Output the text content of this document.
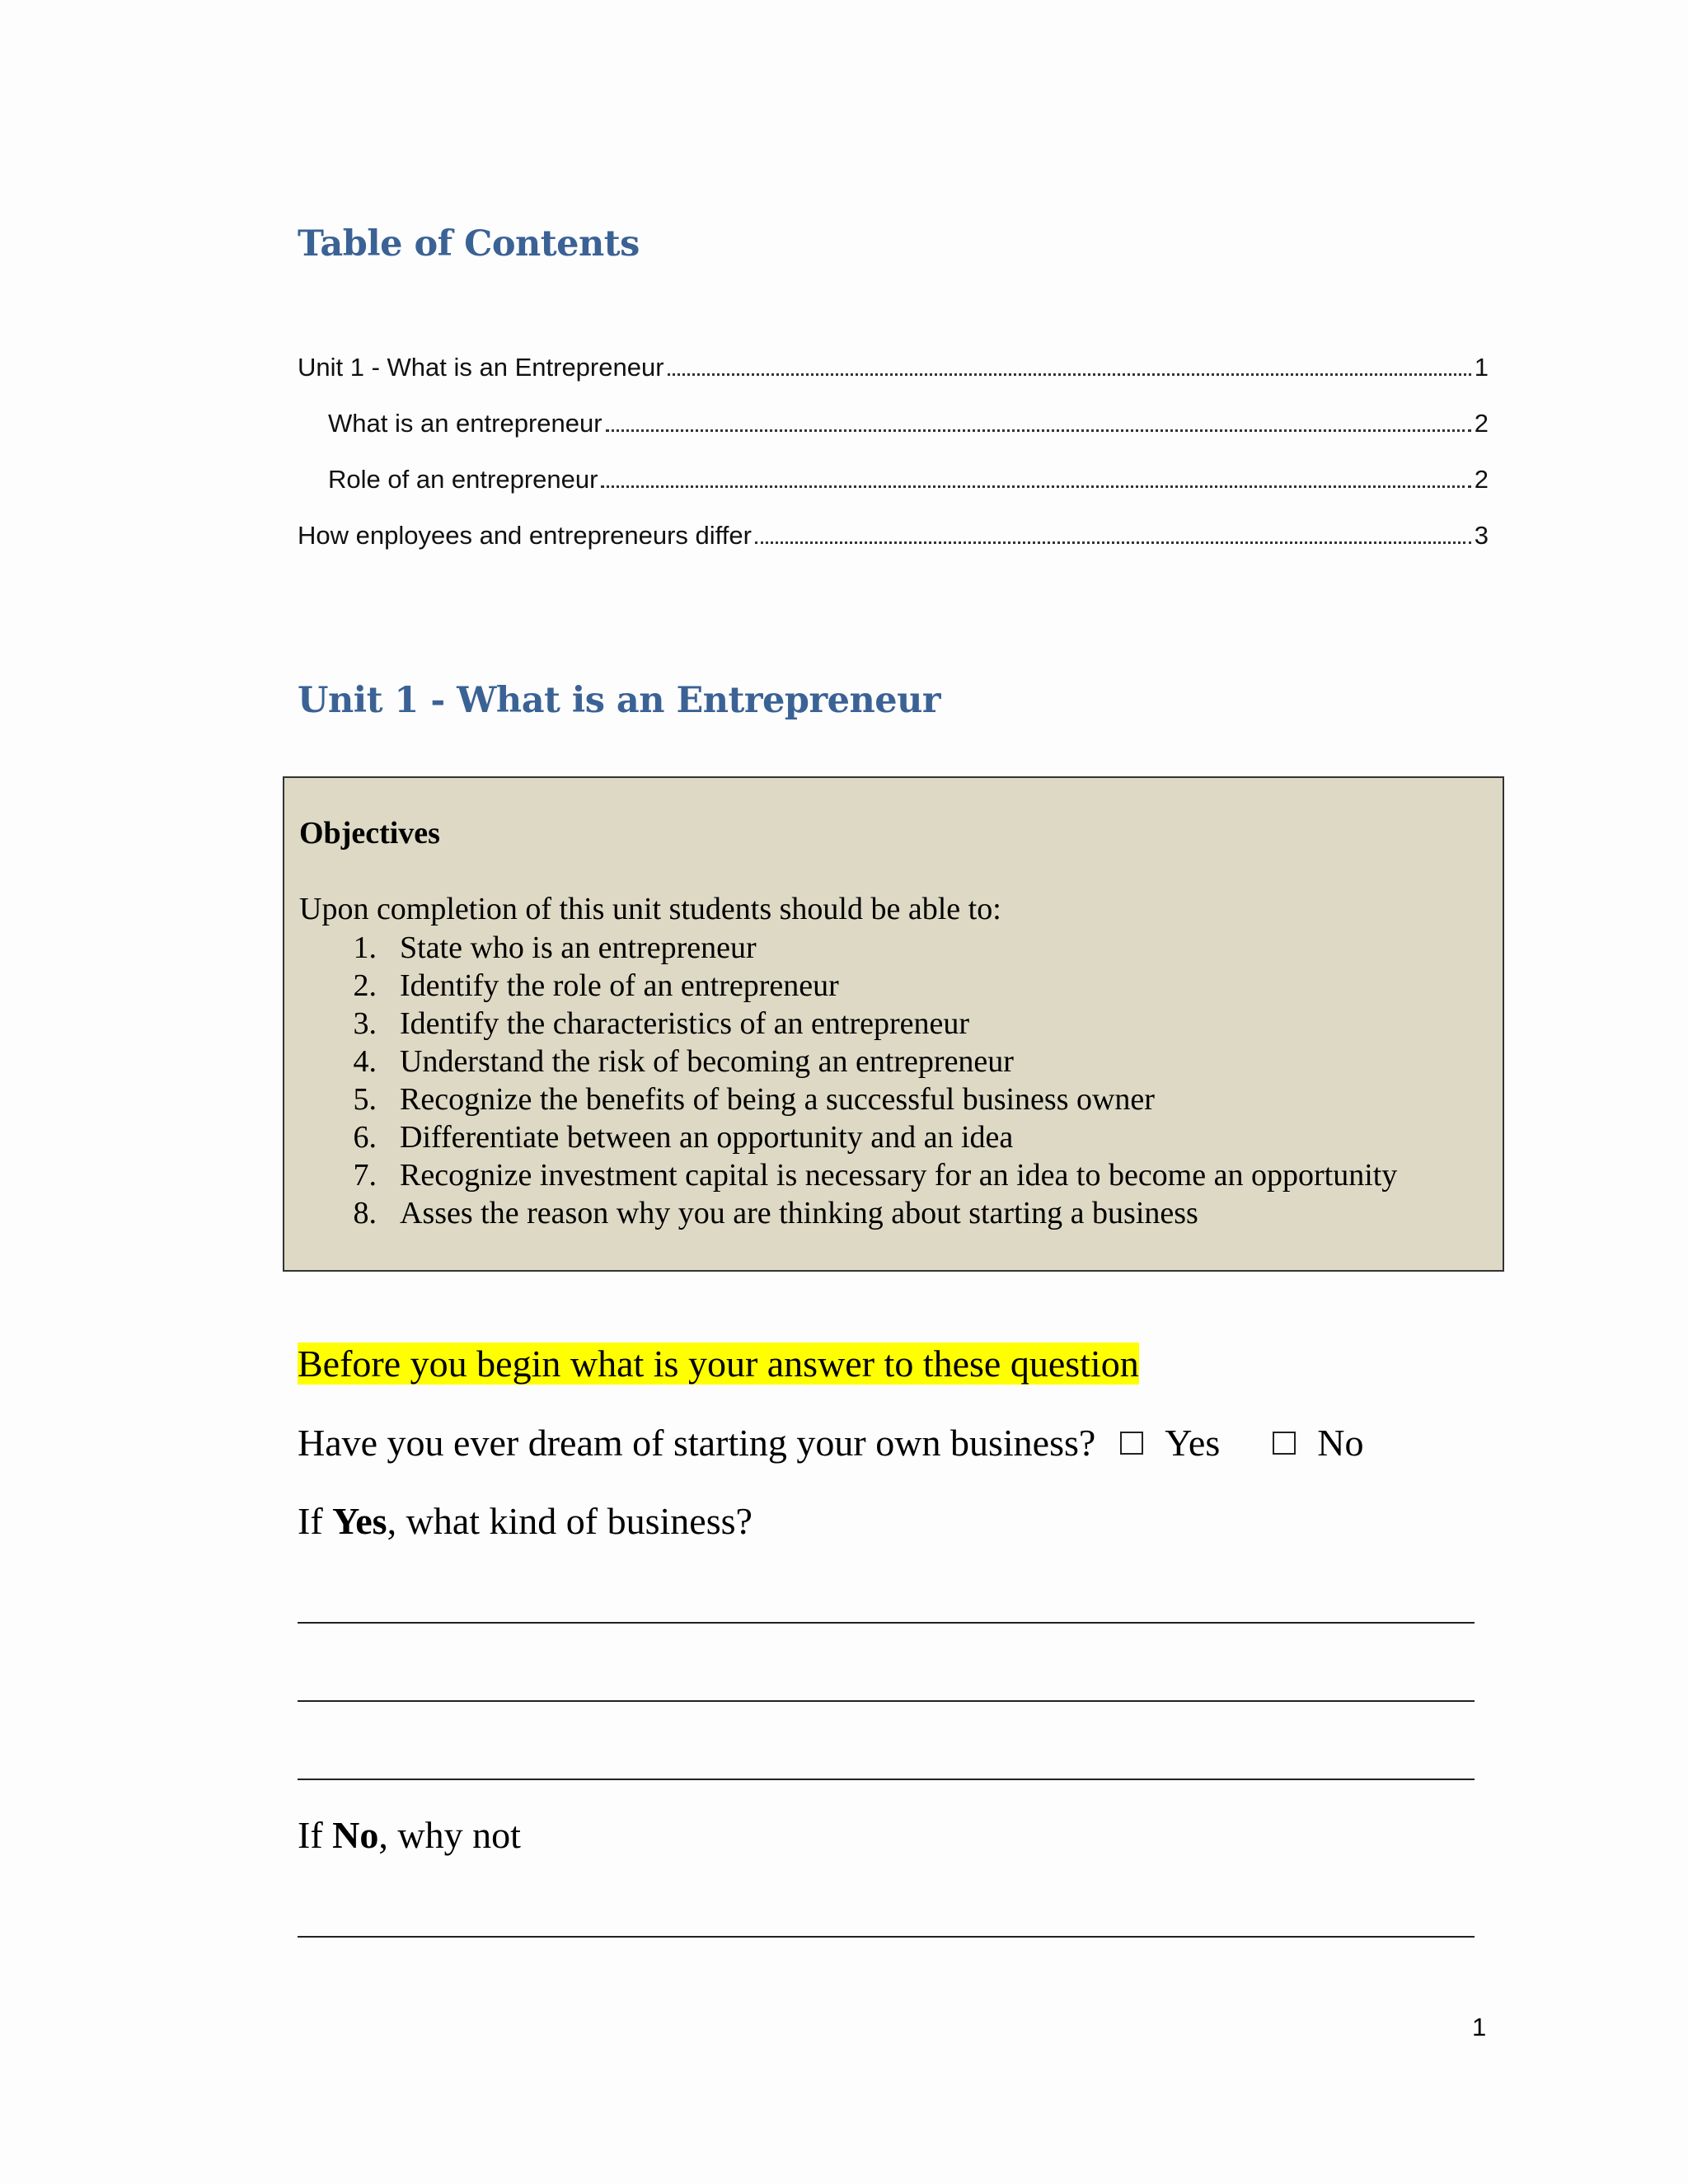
Table of Contents
Unit 1 - What is an Entrepreneur	1
What is an entrepreneur	2
Role of an entrepreneur	2
How enployees and entrepreneurs differ	3
Unit 1 - What is an Entrepreneur
Objectives
Upon completion of this unit students should be able to:
1. State who is an entrepreneur
2. Identify the role of an entrepreneur
3. Identify the characteristics of an entrepreneur
4. Understand the risk of becoming an entrepreneur
5. Recognize the benefits of being a successful business owner
6. Differentiate between an opportunity and an idea
7. Recognize investment capital is necessary for an idea to become an opportunity
8. Asses the reason why you are thinking about starting a business
Before you begin what is your answer to these question
Have you ever dream of starting your own business? Yes	No
If Yes, what kind of business?
If No, why not
1
